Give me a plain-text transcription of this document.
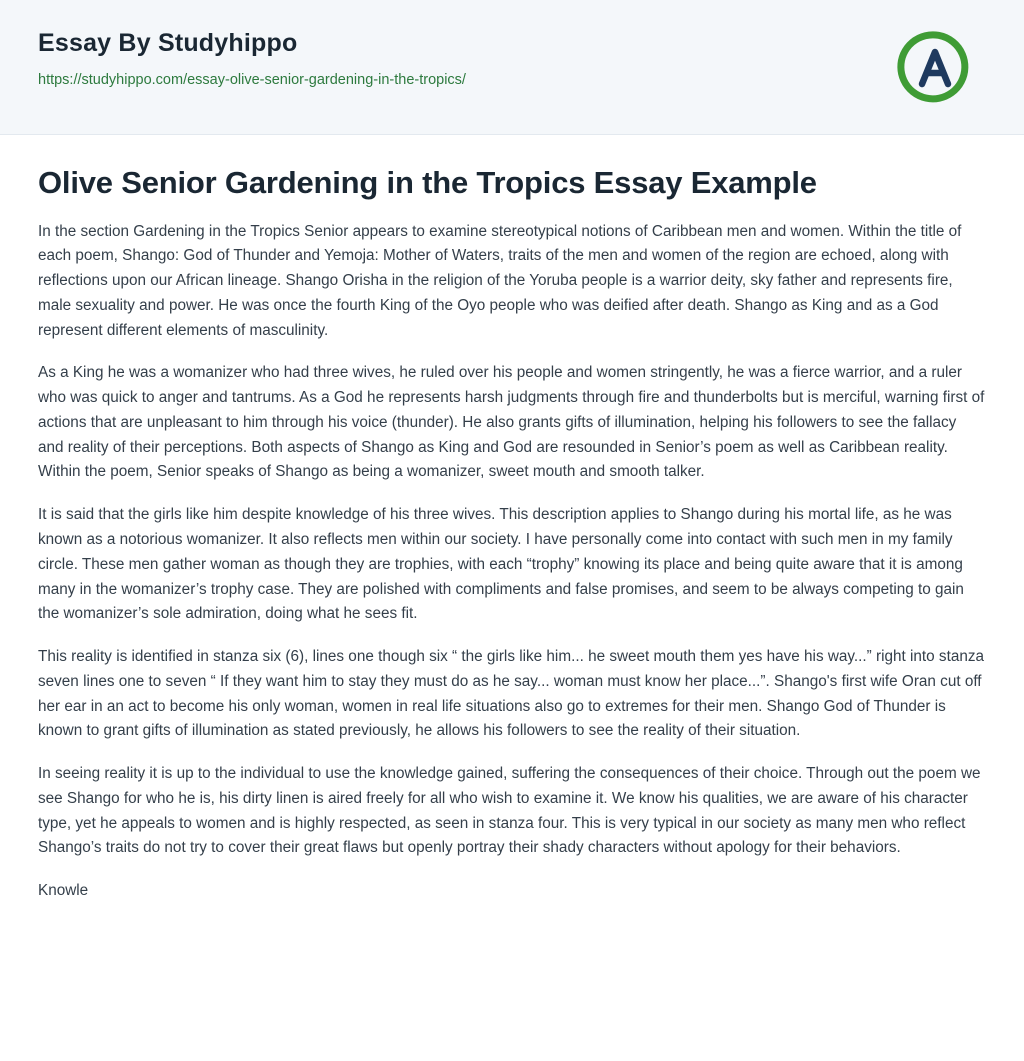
Essay By Studyhippo
https://studyhippo.com/essay-olive-senior-gardening-in-the-tropics/
Olive Senior Gardening in the Tropics Essay Example

In the section Gardening in the Tropics Senior appears to examine stereotypical notions of Caribbean men and women. Within the title of each poem, Shango: God of Thunder and Yemoja: Mother of Waters, traits of the men and women of the region are echoed, along with reflections upon our African lineage. Shango Orisha in the religion of the Yoruba people is a warrior deity, sky father and represents fire, male sexuality and power. He was once the fourth King of the Oyo people who was deified after death. Shango as King and as a God represent different elements of masculinity.

As a King he was a womanizer who had three wives, he ruled over his people and women stringently, he was a fierce warrior, and a ruler who was quick to anger and tantrums. As a God he represents harsh judgments through fire and thunderbolts but is merciful, warning first of actions that are unpleasant to him through his voice (thunder). He also grants gifts of illumination, helping his followers to see the fallacy and reality of their perceptions. Both aspects of Shango as King and God are resounded in Senior’s poem as well as Caribbean reality. Within the poem, Senior speaks of Shango as being a womanizer, sweet mouth and smooth talker.

It is said that the girls like him despite knowledge of his three wives. This description applies to Shango during his mortal life, as he was known as a notorious womanizer. It also reflects men within our society. I have personally come into contact with such men in my family circle. These men gather woman as though they are trophies, with each “trophy” knowing its place and being quite aware that it is among many in the womanizer’s trophy case. They are polished with compliments and false promises, and seem to be always competing to gain the womanizer’s sole admiration, doing what he sees fit.

This reality is identified in stanza six (6), lines one though six “ the girls like him... he sweet mouth them yes have his way...” right into stanza seven lines one to seven “ If they want him to stay they must do as he say... woman must know her place...”. Shango's first wife Oran cut off her ear in an act to become his only woman, women in real life situations also go to extremes for their men. Shango God of Thunder is known to grant gifts of illumination as stated previously, he allows his followers to see the reality of their situation.

In seeing reality it is up to the individual to use the knowledge gained, suffering the consequences of their choice. Through out the poem we see Shango for who he is, his dirty linen is aired freely for all who wish to examine it. We know his qualities, we are aware of his character type, yet he appeals to women and is highly respected, as seen in stanza four. This is very typical in our society as many men who reflect Shango’s traits do not try to cover their great flaws but openly portray their shady characters without apology for their behaviors.

Knowle
